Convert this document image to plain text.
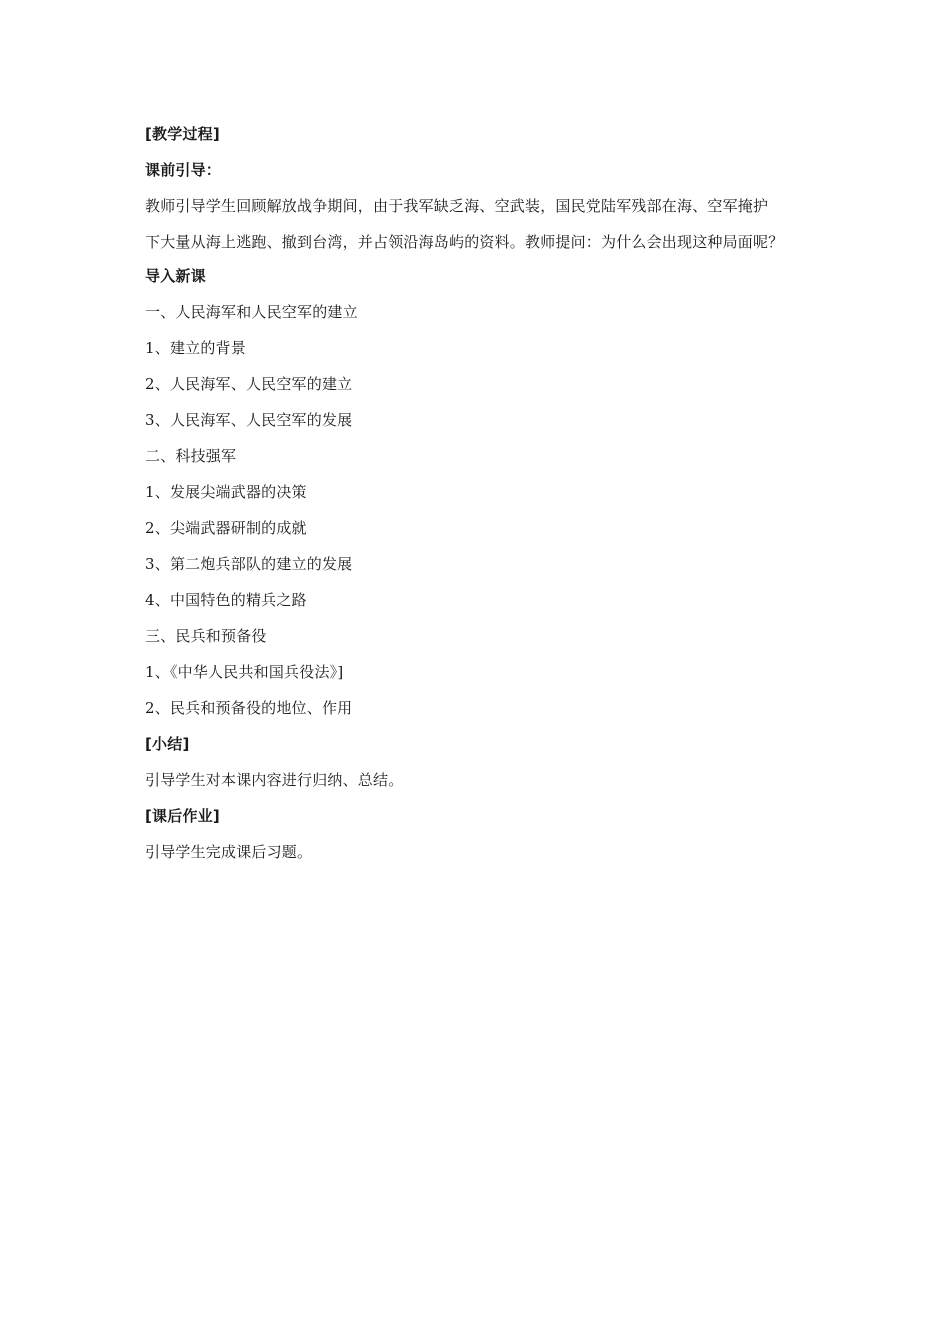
[教学过程]
课前引导：
教师引导学生回顾解放战争期间，由于我军缺乏海、空武装，国民党陆军残部在海、空军掩护
下大量从海上逃跑、撤到台湾，并占领沿海岛屿的资料。教师提问：为什么会出现这种局面呢？
导入新课
一、人民海军和人民空军的建立
1、建立的背景
2、人民海军、人民空军的建立
3、人民海军、人民空军的发展
二、科技强军
1、发展尖端武器的决策
2、尖端武器研制的成就
3、第二炮兵部队的建立的发展
4、中国特色的精兵之路
三、民兵和预备役
1、《中华人民共和国兵役法》]
2、民兵和预备役的地位、作用
[小结]
引导学生对本课内容进行归纳、总结。
[课后作业]
引导学生完成课后习题。
